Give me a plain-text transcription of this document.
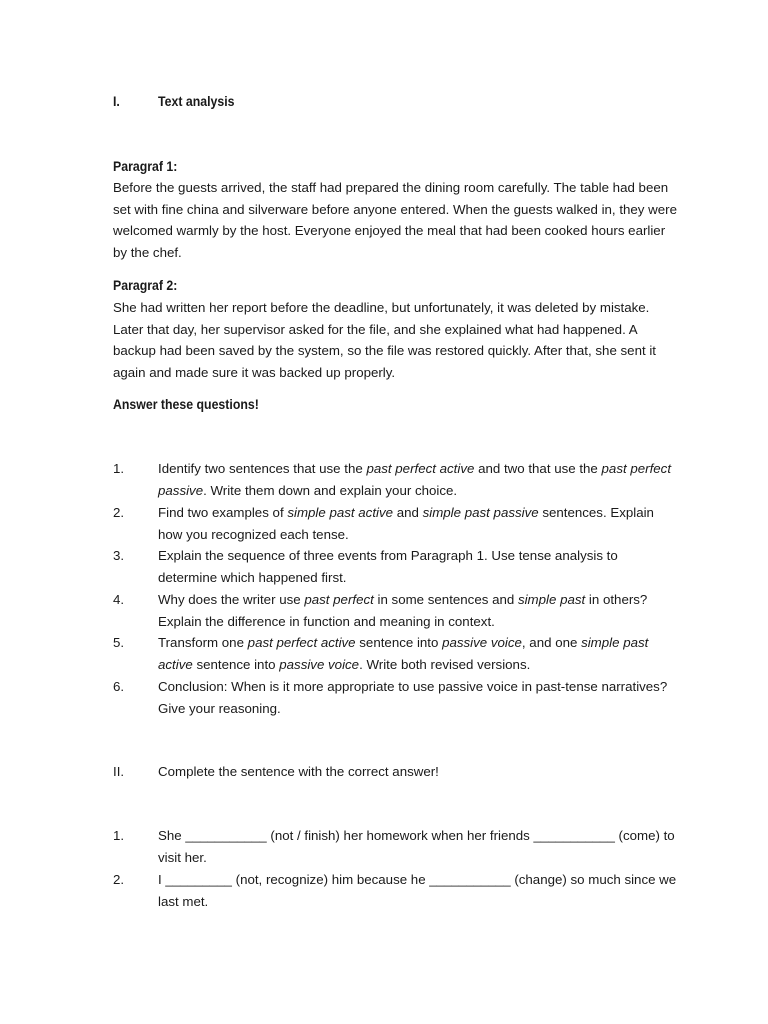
I.	Text analysis
Paragraf 1:
Before the guests arrived, the staff had prepared the dining room carefully. The table had been set with fine china and silverware before anyone entered. When the guests walked in, they were welcomed warmly by the host. Everyone enjoyed the meal that had been cooked hours earlier by the chef.
Paragraf 2:
She had written her report before the deadline, but unfortunately, it was deleted by mistake. Later that day, her supervisor asked for the file, and she explained what had happened. A backup had been saved by the system, so the file was restored quickly. After that, she sent it again and made sure it was backed up properly.
Answer these questions!
1.	Identify two sentences that use the past perfect active and two that use the past perfect passive. Write them down and explain your choice.
2.	Find two examples of simple past active and simple past passive sentences. Explain how you recognized each tense.
3.	Explain the sequence of three events from Paragraph 1. Use tense analysis to determine which happened first.
4.	Why does the writer use past perfect in some sentences and simple past in others? Explain the difference in function and meaning in context.
5.	Transform one past perfect active sentence into passive voice, and one simple past active sentence into passive voice. Write both revised versions.
6.	Conclusion: When is it more appropriate to use passive voice in past-tense narratives? Give your reasoning.
II.	Complete the sentence with the correct answer!
1.	She ___________ (not / finish) her homework when her friends ___________ (come) to visit her.
2.	I _________ (not, recognize) him because he ___________ (change) so much since we last met.
